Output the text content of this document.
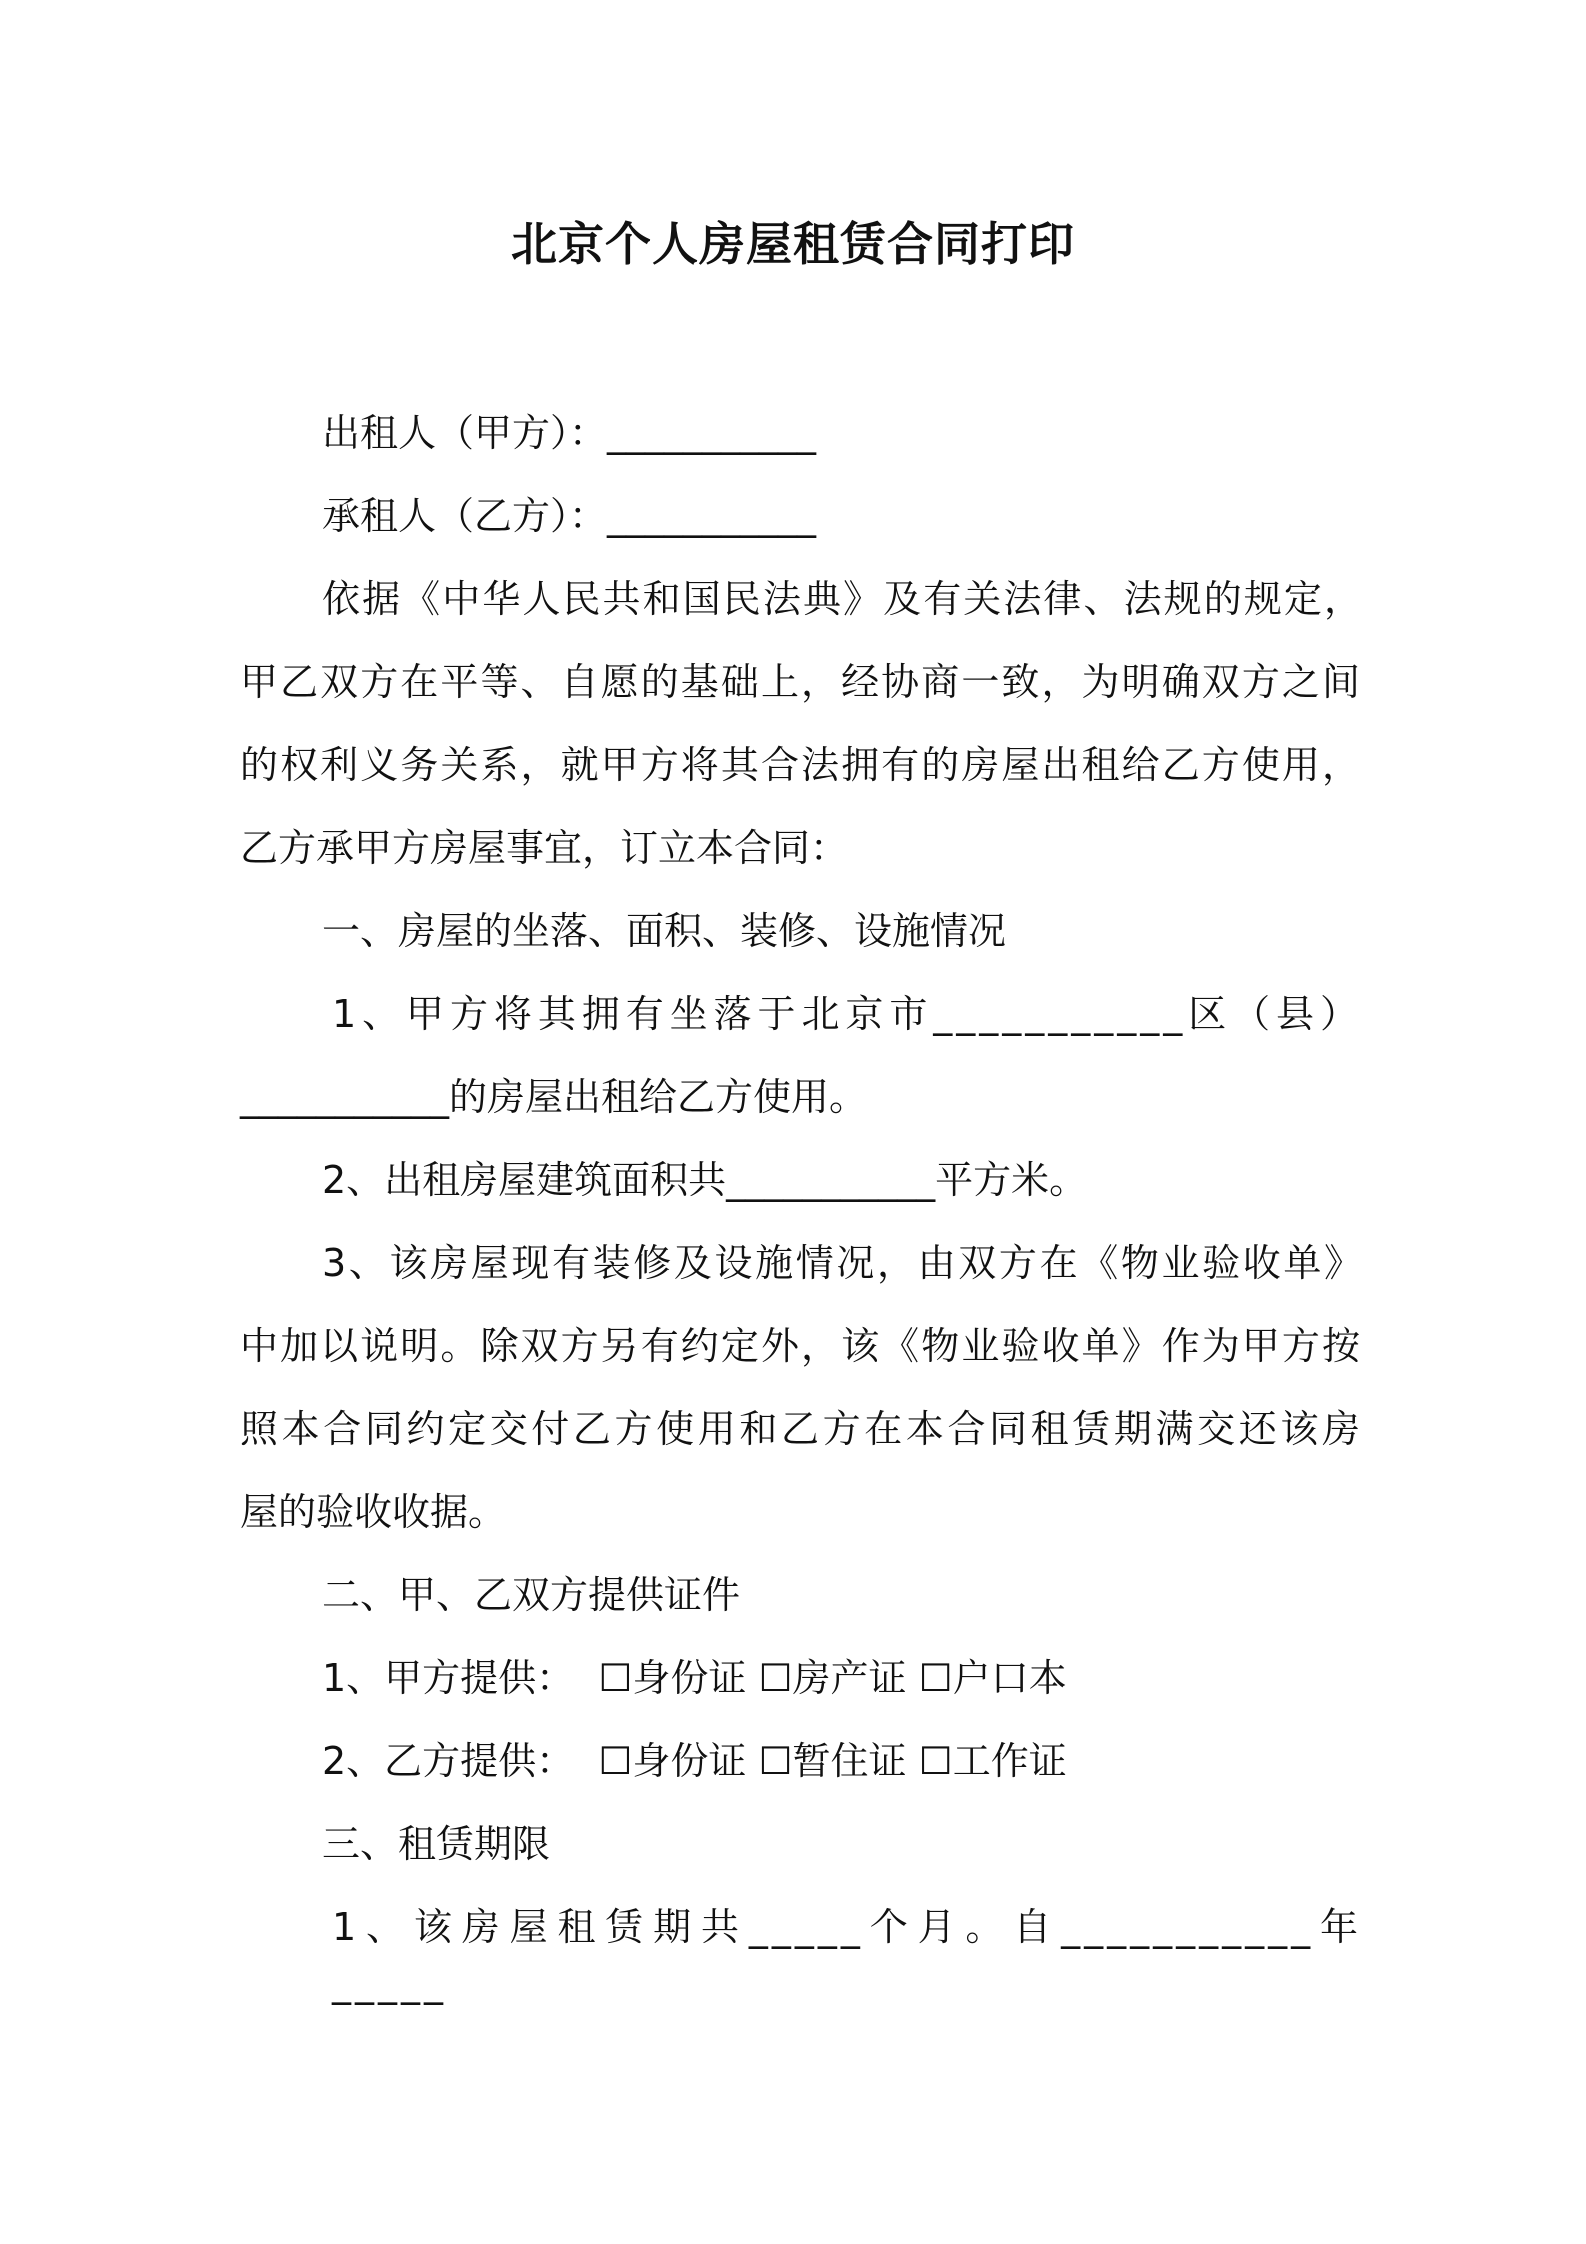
北京个人房屋租赁合同打印
出租人（甲方）：___________
承租人（乙方）：___________
依据《中华人民共和国民法典》及有关法律、法规的规定，
甲乙双方在平等、自愿的基础上，经协商一致，为明确双方之间
的权利义务关系，就甲方将其合法拥有的房屋出租给乙方使用，
乙方承甲方房屋事宜，订立本合同：
一、房屋的坐落、面积、装修、设施情况
1、甲方将其拥有坐落于北京市___________区（县）
___________的房屋出租给乙方使用。
2、出租房屋建筑面积共___________平方米。
3、该房屋现有装修及设施情况，由双方在《物业验收单》
中加以说明。除双方另有约定外，该《物业验收单》作为甲方按
照本合同约定交付乙方使用和乙方在本合同租赁期满交还该房
屋的验收收据。
二、甲、乙双方提供证件
1、甲方提供：  ☐身份证 ☐房产证 ☐户口本
2、乙方提供：  ☐身份证 ☐暂住证 ☐工作证
三、租赁期限
1、该房屋租赁期共_____个月。自___________年_____
